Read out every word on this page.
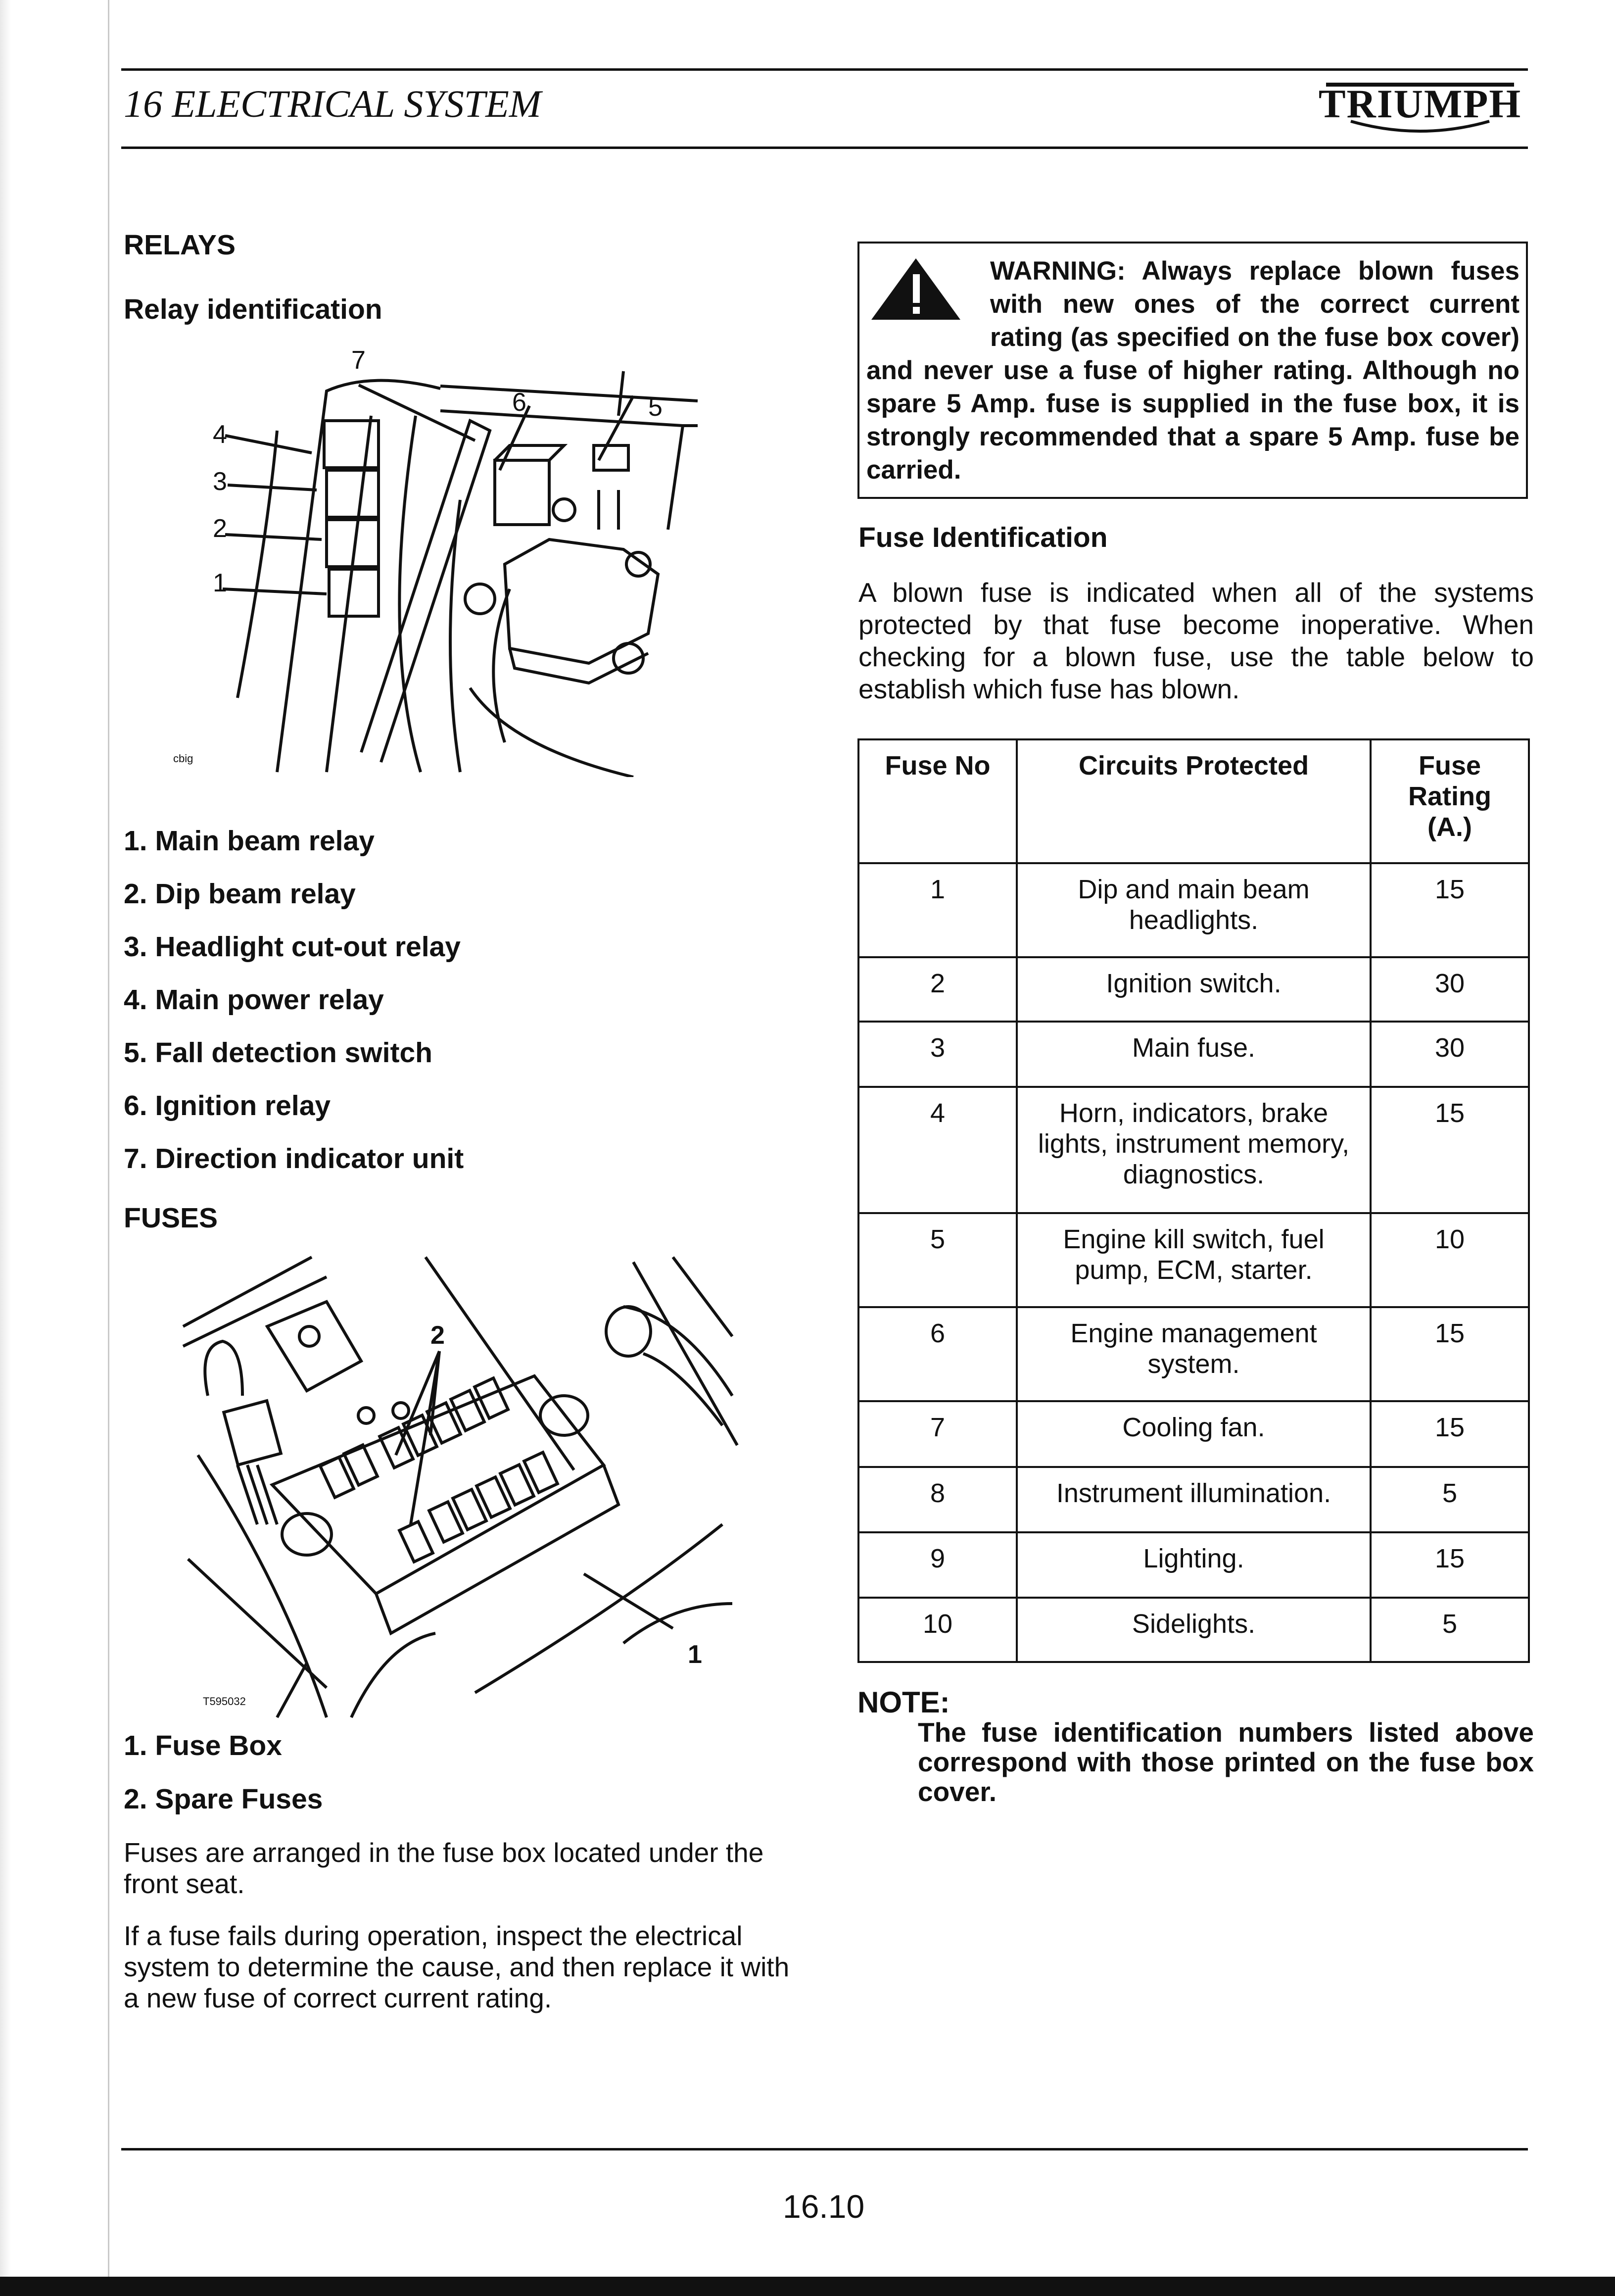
16 ELECTRICAL SYSTEM	TRIUMPH
RELAYS
Relay identification
4
3
2
1
7
6	5
cbig
1. Main beam relay
2. Dip beam relay
3. Headlight cut-out relay
4. Main power relay
5. Fall detection switch
6. Ignition relay
7. Direction indicator unit
FUSES
2
1
T595032
1. Fuse Box
2. Spare Fuses
Fuses are arranged in the fuse box located under the front seat.
If a fuse fails during operation, inspect the electrical system to determine the cause, and then replace it with a new fuse of correct current rating.
WARNING: Always replace blown fuses with new ones of the correct current rating (as specified on the fuse box cover) and never use a fuse of higher rating. Although no spare 5 Amp. fuse is supplied in the fuse box, it is strongly recommended that a spare 5 Amp. fuse be carried.
Fuse Identification
A blown fuse is indicated when all of the systems protected by that fuse become inoperative. When checking for a blown fuse, use the table below to establish which fuse has blown.
Fuse No	Circuits Protected	Fuse Rating (A.)
1	Dip and main beam headlights.	15
2	Ignition switch.	30
3	Main fuse.	30
4	Horn, indicators, brake lights, instrument memory, diagnostics.	15
5	Engine kill switch, fuel pump, ECM, starter.	10
6	Engine management system.	15
7	Cooling fan.	15
8	Instrument illumination.	5
9	Lighting.	15
10	Sidelights.	5
NOTE:
The fuse identification numbers listed above correspond with those printed on the fuse box cover.
16.10
